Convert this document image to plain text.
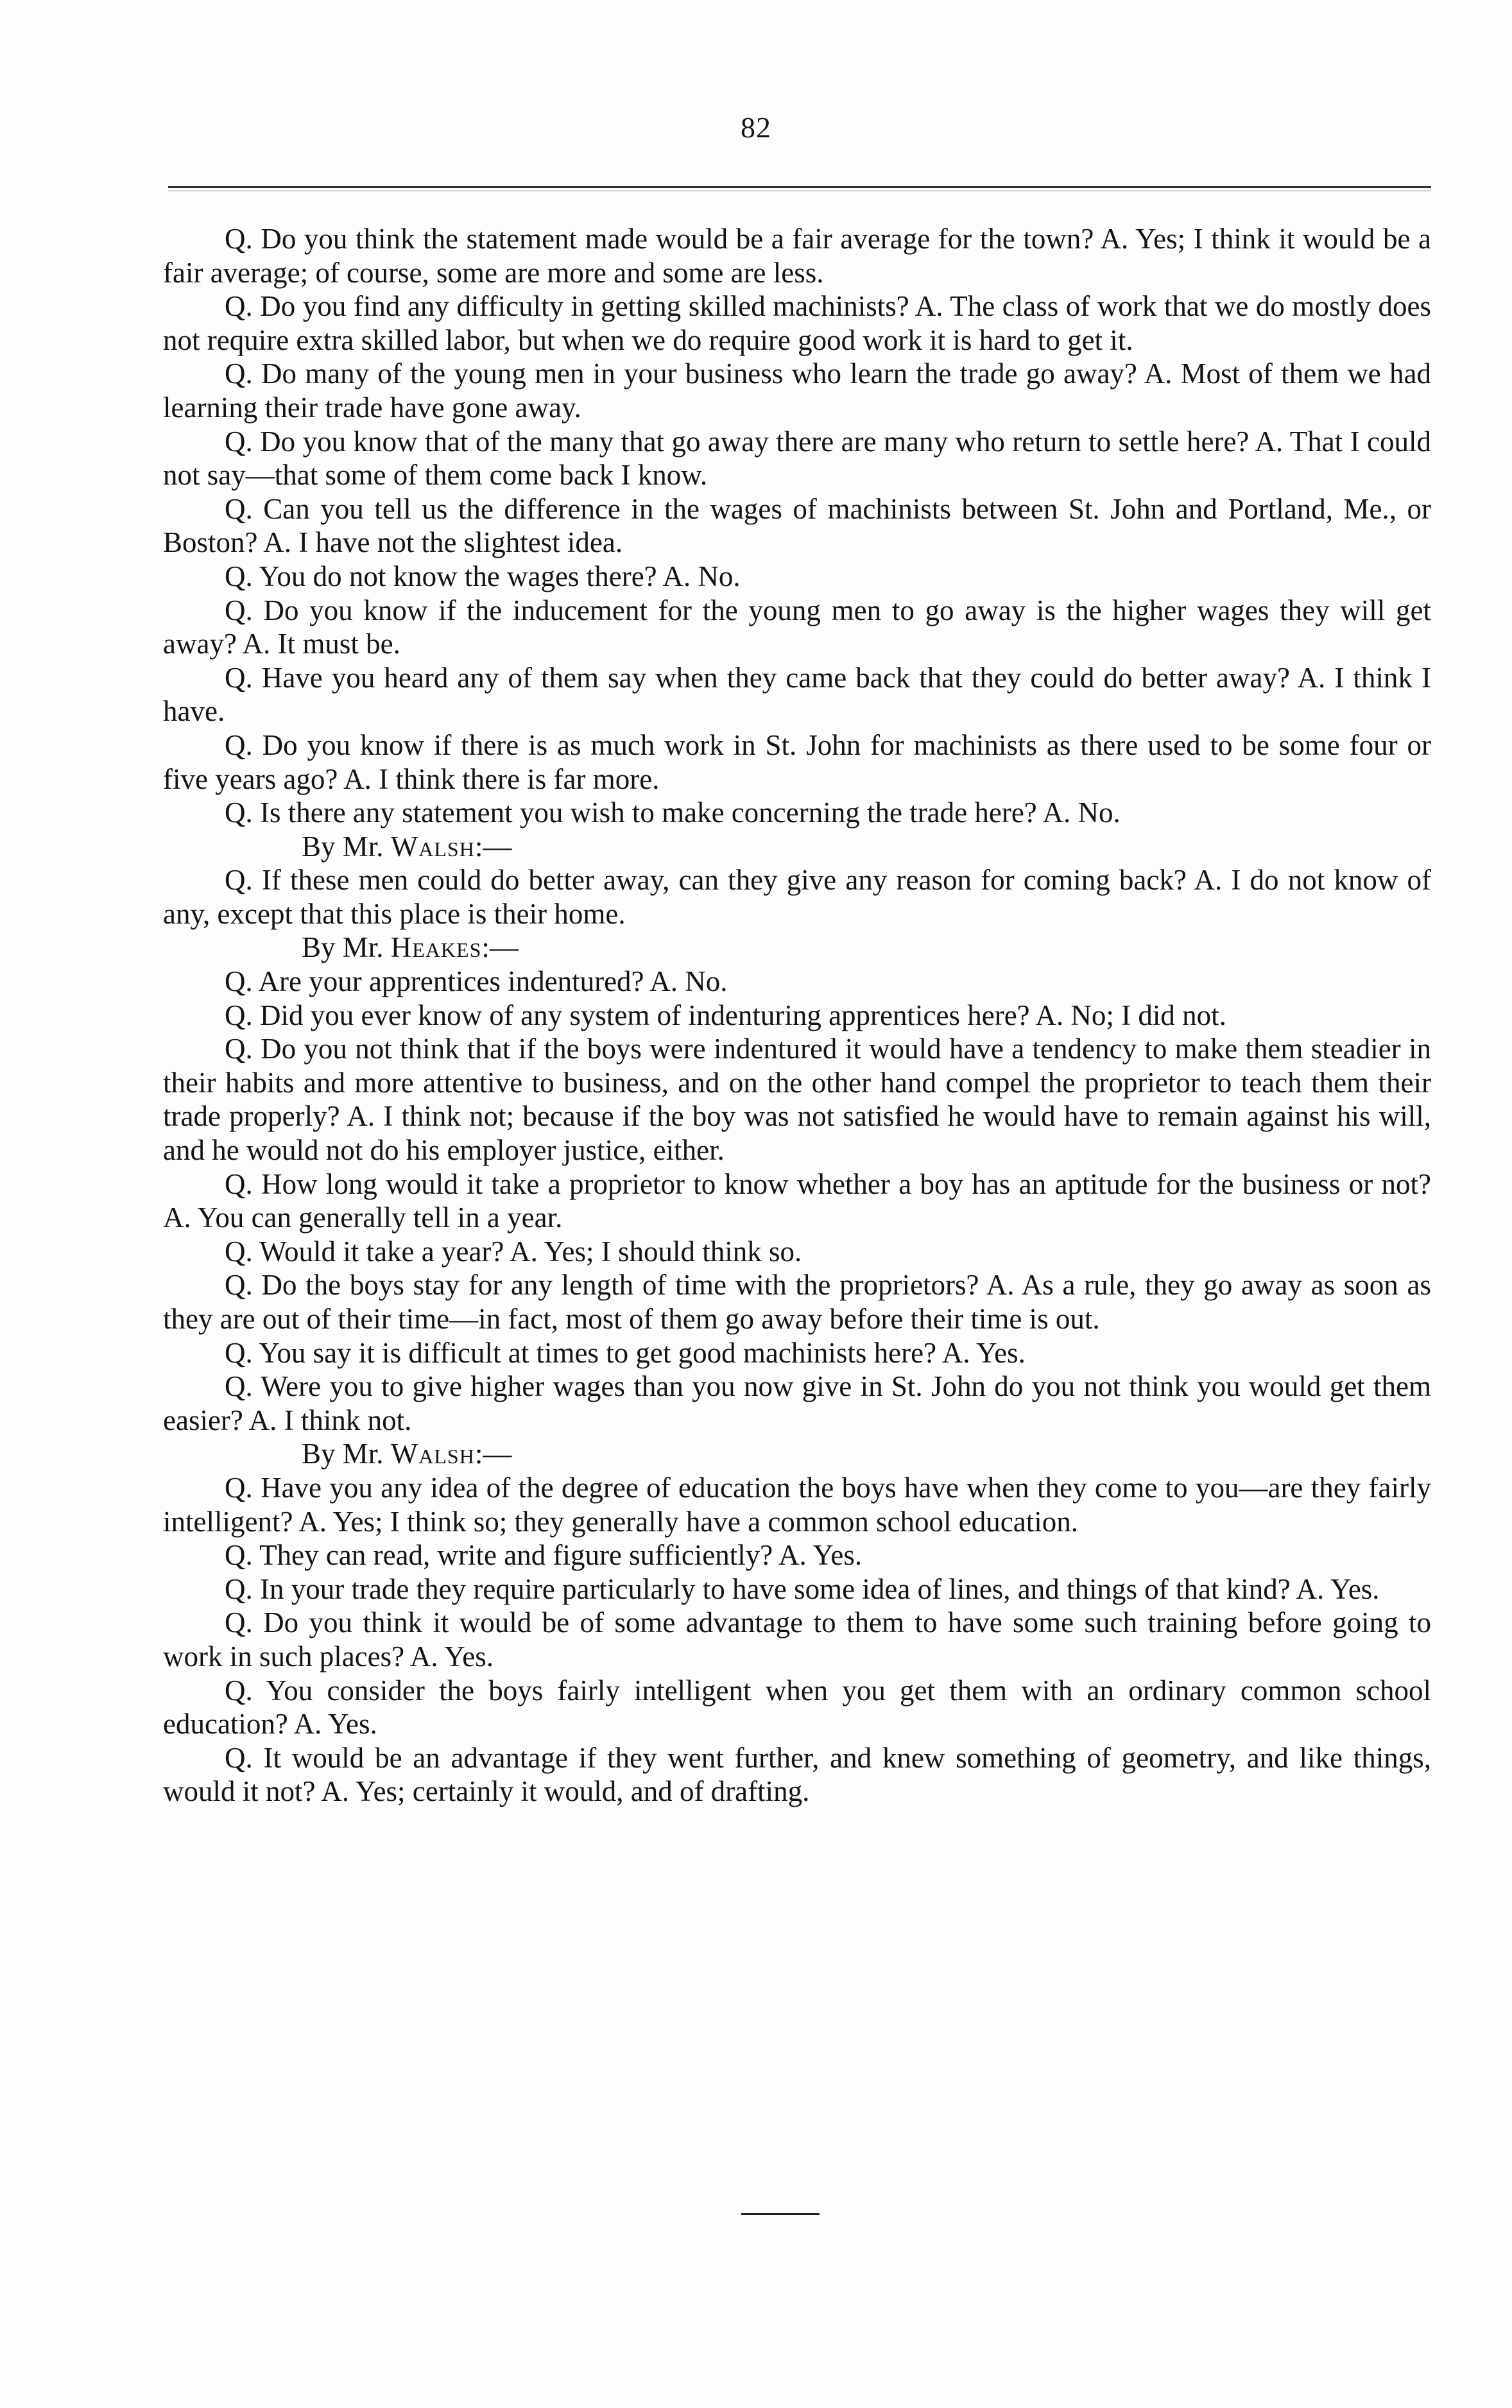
82

Q. Do you think the statement made would be a fair average for the town? A. Yes; I think it would be a fair average; of course, some are more and some are less.

Q. Do you find any difficulty in getting skilled machinists? A. The class of work that we do mostly does not require extra skilled labor, but when we do require good work it is hard to get it.

Q. Do many of the young men in your business who learn the trade go away? A. Most of them we had learning their trade have gone away.

Q. Do you know that of the many that go away there are many who return to settle here? A. That I could not say—that some of them come back I know.

Q. Can you tell us the difference in the wages of machinists between St. John and Portland, Me., or Boston? A. I have not the slightest idea.

Q. You do not know the wages there? A. No.

Q. Do you know if the inducement for the young men to go away is the higher wages they will get away? A. It must be.

Q. Have you heard any of them say when they came back that they could do better away? A. I think I have.

Q. Do you know if there is as much work in St. John for machinists as there used to be some four or five years ago? A. I think there is far more.

Q. Is there any statement you wish to make concerning the trade here? A. No.

By Mr. Walsh:—

Q. If these men could do better away, can they give any reason for coming back? A. I do not know of any, except that this place is their home.

By Mr. Heakes:—

Q. Are your apprentices indentured? A. No.

Q. Did you ever know of any system of indenturing apprentices here? A. No; I did not.

Q. Do you not think that if the boys were indentured it would have a tendency to make them steadier in their habits and more attentive to business, and on the other hand compel the proprietor to teach them their trade properly? A. I think not; because if the boy was not satisfied he would have to remain against his will, and he would not do his employer justice, either.

Q. How long would it take a proprietor to know whether a boy has an aptitude for the business or not? A. You can generally tell in a year.

Q. Would it take a year? A. Yes; I should think so.

Q. Do the boys stay for any length of time with the proprietors? A. As a rule, they go away as soon as they are out of their time—in fact, most of them go away before their time is out.

Q. You say it is difficult at times to get good machinists here? A. Yes.

Q. Were you to give higher wages than you now give in St. John do you not think you would get them easier? A. I think not.

By Mr. Walsh:—

Q. Have you any idea of the degree of education the boys have when they come to you—are they fairly intelligent? A. Yes; I think so; they generally have a common school education.

Q. They can read, write and figure sufficiently? A. Yes.

Q. In your trade they require particularly to have some idea of lines, and things of that kind? A. Yes.

Q. Do you think it would be of some advantage to them to have some such training before going to work in such places? A. Yes.

Q. You consider the boys fairly intelligent when you get them with an ordinary common school education? A. Yes.

Q. It would be an advantage if they went further, and knew something of geometry, and like things, would it not? A. Yes; certainly it would, and of drafting.
